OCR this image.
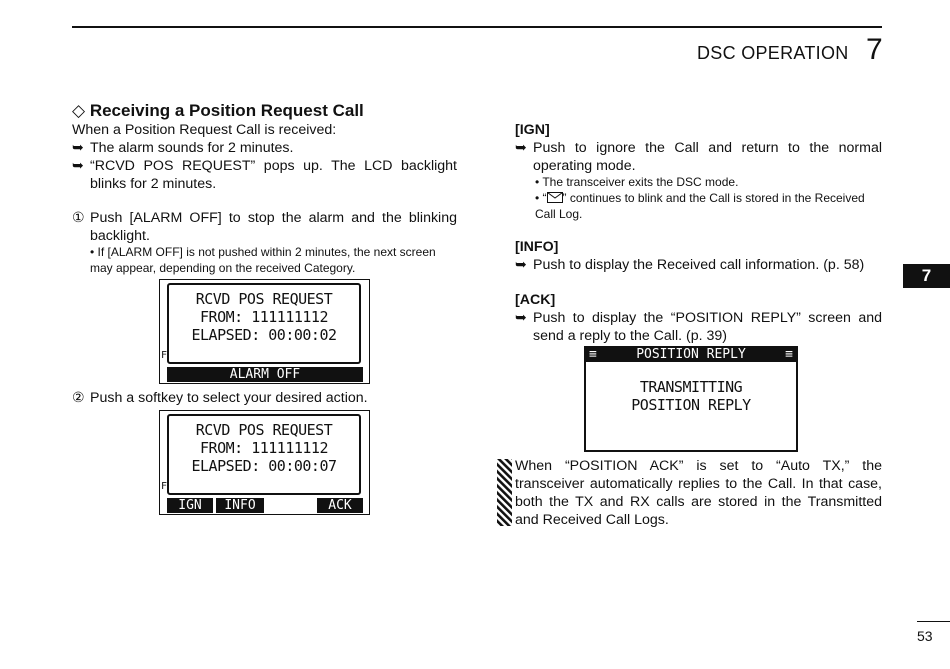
DSC OPERATION 7
7
◇ Receiving a Position Request Call
When a Position Request Call is received:
➥ The alarm sounds for 2 minutes.
➥ “RCVD POS REQUEST” pops up. The LCD backlight blinks for 2 minutes.
① Push [ALARM OFF] to stop the alarm and the blinking backlight.
• If [ALARM OFF] is not pushed within 2 minutes, the next screen may appear, depending on the received Category.
RCVD POS REQUEST
FROM: 111111112
ELAPSED: 00:00:02
F
ALARM OFF
② Push a softkey to select your desired action.
RCVD POS REQUEST
FROM: 111111112
ELAPSED: 00:00:07
F
IGN	INFO	ACK
[IGN]
➥ Push to ignore the Call and return to the normal operating mode.
• The transceiver exits the DSC mode.
• “ ” continues to blink and the Call is stored in the Received Call Log.
[INFO]
➥ Push to display the Received call information. (p. 58)
[ACK]
➥ Push to display the “POSITION REPLY” screen and send a reply to the Call. (p. 39)
≡	POSITION REPLY	≡
TRANSMITTING
POSITION REPLY
When “POSITION ACK” is set to “Auto TX,” the transceiver automatically replies to the Call. In that case, both the TX and RX calls are stored in the Transmitted and Received Call Logs.
53
